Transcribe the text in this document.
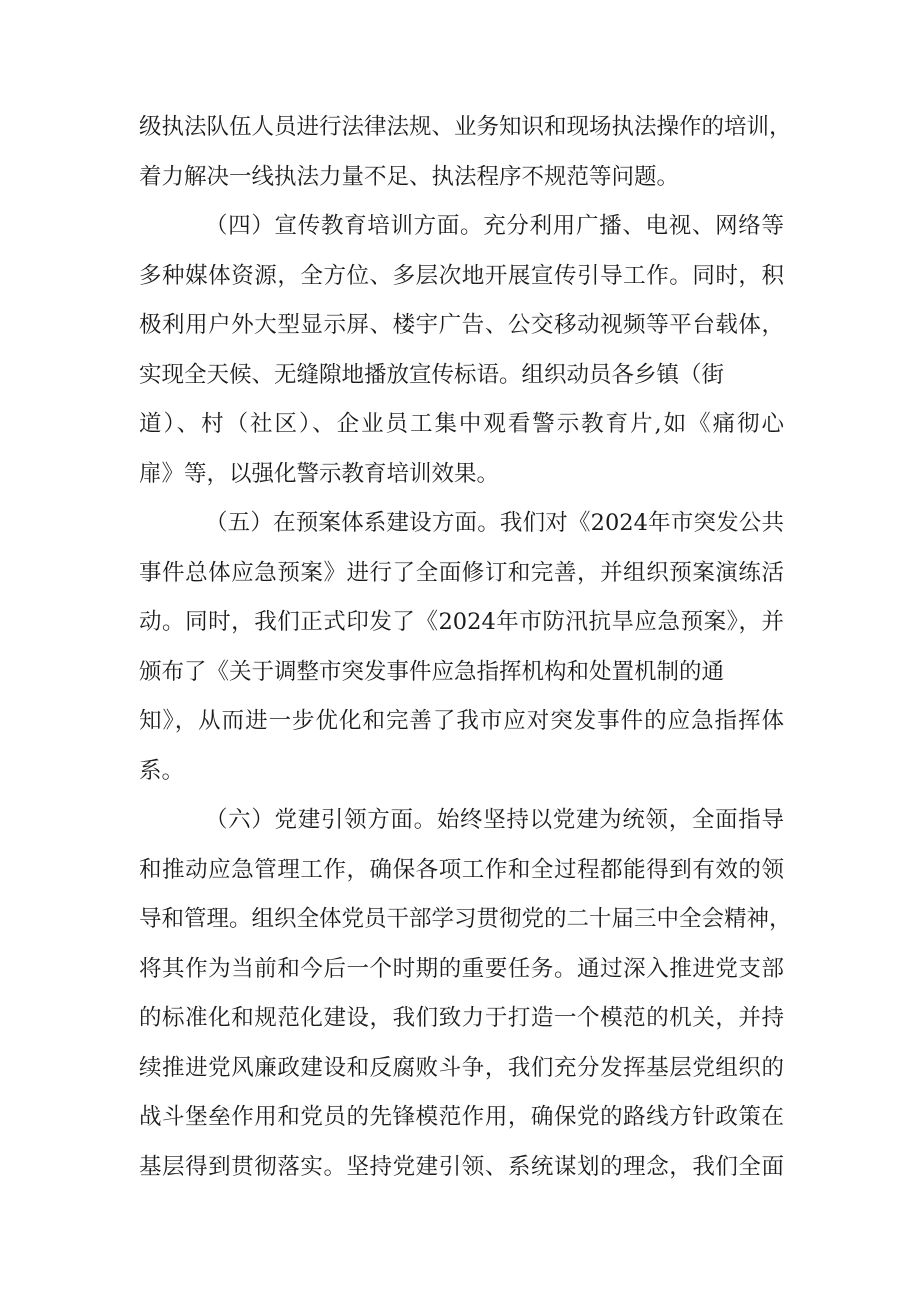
级执法队伍人员进行法律法规、业务知识和现场执法操作的培训，
着力解决一线执法力量不足、执法程序不规范等问题。
（四）宣传教育培训方面。充分利用广播、电视、网络等
多种媒体资源，全方位、多层次地开展宣传引导工作。同时，积
极利用户外大型显示屏、楼宇广告、公交移动视频等平台载体，
实现全天候、无缝隙地播放宣传标语。组织动员各乡镇（街
道）、村（社区）、企业员工集中观看警示教育片,如《痛彻心
扉》等，以强化警示教育培训效果。
（五）在预案体系建设方面。我们对《2024年市突发公共
事件总体应急预案》进行了全面修订和完善，并组织预案演练活
动。同时，我们正式印发了《2024年市防汛抗旱应急预案》，并
颁布了《关于调整市突发事件应急指挥机构和处置机制的通
知》，从而进一步优化和完善了我市应对突发事件的应急指挥体
系。
（六）党建引领方面。始终坚持以党建为统领，全面指导
和推动应急管理工作，确保各项工作和全过程都能得到有效的领
导和管理。组织全体党员干部学习贯彻党的二十届三中全会精神，
将其作为当前和今后一个时期的重要任务。通过深入推进党支部
的标准化和规范化建设，我们致力于打造一个模范的机关，并持
续推进党风廉政建设和反腐败斗争，我们充分发挥基层党组织的
战斗堡垒作用和党员的先锋模范作用，确保党的路线方针政策在
基层得到贯彻落实。坚持党建引领、系统谋划的理念，我们全面
